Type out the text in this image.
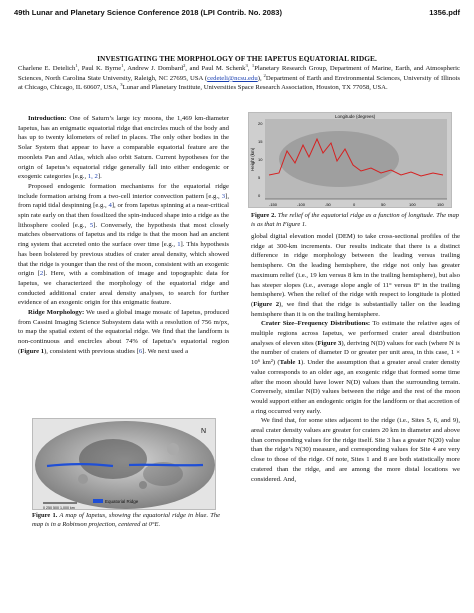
49th Lunar and Planetary Science Conference 2018 (LPI Contrib. No. 2083)	1356.pdf
INVESTIGATING THE MORPHOLOGY OF THE IAPETUS EQUATORIAL RIDGE.
Charlene E. Detelich$^1$, Paul K. Byrne$^1$, Andrew J. Dombard$^2$, and Paul M. Schenk$^3$, $^1$Planetary Research Group, Department of Marine, Earth, and Atmospheric Sciences, North Carolina State University, Raleigh, NC 27695, USA (cedeteli@ncsu.edu), $^2$Department of Earth and Environmental Sciences, University of Illinois at Chicago, Chicago, IL 60607, USA, $^3$Lunar and Planetary Institute, Universities Space Research Association, Houston, TX 77058, USA.

Introduction: One of Saturn’s large icy moons, the 1,469 km-diameter Iapetus, has an enigmatic equatorial ridge that encircles much of the body and has up to twenty kilometers of relief in places. The only other bodies in the Solar System that appear to have a comparable equatorial feature are the moonlets Pan and Atlas, which also orbit Saturn. Current hypotheses for the origin of Iapetus’s equatorial ridge generally fall into either endogenic or exogenic categories [e.g., 1, 2].

Proposed endogenic formation mechanisms for the equatorial ridge include formation arising from a two-cell interior convection pattern [e.g., 3], from rapid tidal despinning [e.g., 4], or from Iapetus spinning at a near-critical spin rate early on that then fossilized the spin-induced shape into a ridge as the lithosphere cooled [e.g., 5]. Conversely, the hypothesis that most closely matches observations of Iapetus and its ridge is that the moon had an ancient ring system that accreted onto the surface over time [e.g., 1]. This hypothesis has been bolstered by previous studies of crater areal density, which showed that the ridge is younger than the rest of the moon, consistent with an exogenic origin [2]. Here, with a combination of image and topographic data for Iapetus, we characterized the morphology of the equatorial ridge and conducted additional crater areal density analyses, to search for further evidence of an exogenic origin for this enigmatic feature.

Ridge Morphology: We used a global image mosaic of Iapetus, produced from Cassini Imaging Science Subsystem data with a resolution of 756 m/px, to map the spatial extent of the equatorial ridge. We find that the landform is non-continuous and encircles about 74% of Iapetus’s equatorial region (Figure 1), consistent with previous studies [6]. We next used a

N
0 250 500 1,000 km
Equatorial Ridge
Figure 1. A map of Iapetus, showing the equatorial ridge in blue. The map is in a Robinson projection, centered at 0°E.
Height (km)
Longitude (degrees)
20
15
10
5
0
-150	-100	-50	0	50	100	150
Figure 2. The relief of the equatorial ridge as a function of longitude. The map is as that in Figure 1.

global digital elevation model (DEM) to take cross-sectional profiles of the ridge at 300-km increments. Our results indicate that there is a distinct difference in ridge morphology between the leading versus trailing hemisphere. On the leading hemisphere, the ridge not only has greater maximum relief (i.e., 19 km versus 8 km in the trailing hemisphere), but also has steeper slopes (i.e., average slope angle of 11° versus 8° in the trailing hemisphere). When the relief of the ridge with respect to longitude is plotted (Figure 2), we find that the ridge is substantially taller on the leading hemisphere than it is on the trailing hemisphere.

Crater Size–Frequency Distributions: To estimate the relative ages of multiple regions across Iapetus, we performed crater areal distribution analyses of eleven sites (Figure 3), deriving N(D) values for each (where N is the number of craters of diameter D or greater per unit area, in this case, 1 × 10⁶ km²) (Table 1). Under the assumption that a greater areal crater density value corresponds to an older age, an exogenic ridge that formed some time after the moon should have lower N(D) values than the surrounding terrain. Conversely, similar N(D) values between the ridge and the rest of the moon would support either an endogenic origin for the landform or that accretion of a ring occurred very early.

We find that, for some sites adjacent to the ridge (i.e., Sites 5, 6, and 9), areal crater density values are greater for craters 20 km in diameter and above than corresponding values for the ridge itself. Site 3 has a greater N(20) value than the ridge’s N(30) measure, and corresponding values for Site 4 are very close to those of the ridge. Of note, Sites 1 and 8 are both statistically more cratered than the ridge, and are among the more distal locations we considered. And,
